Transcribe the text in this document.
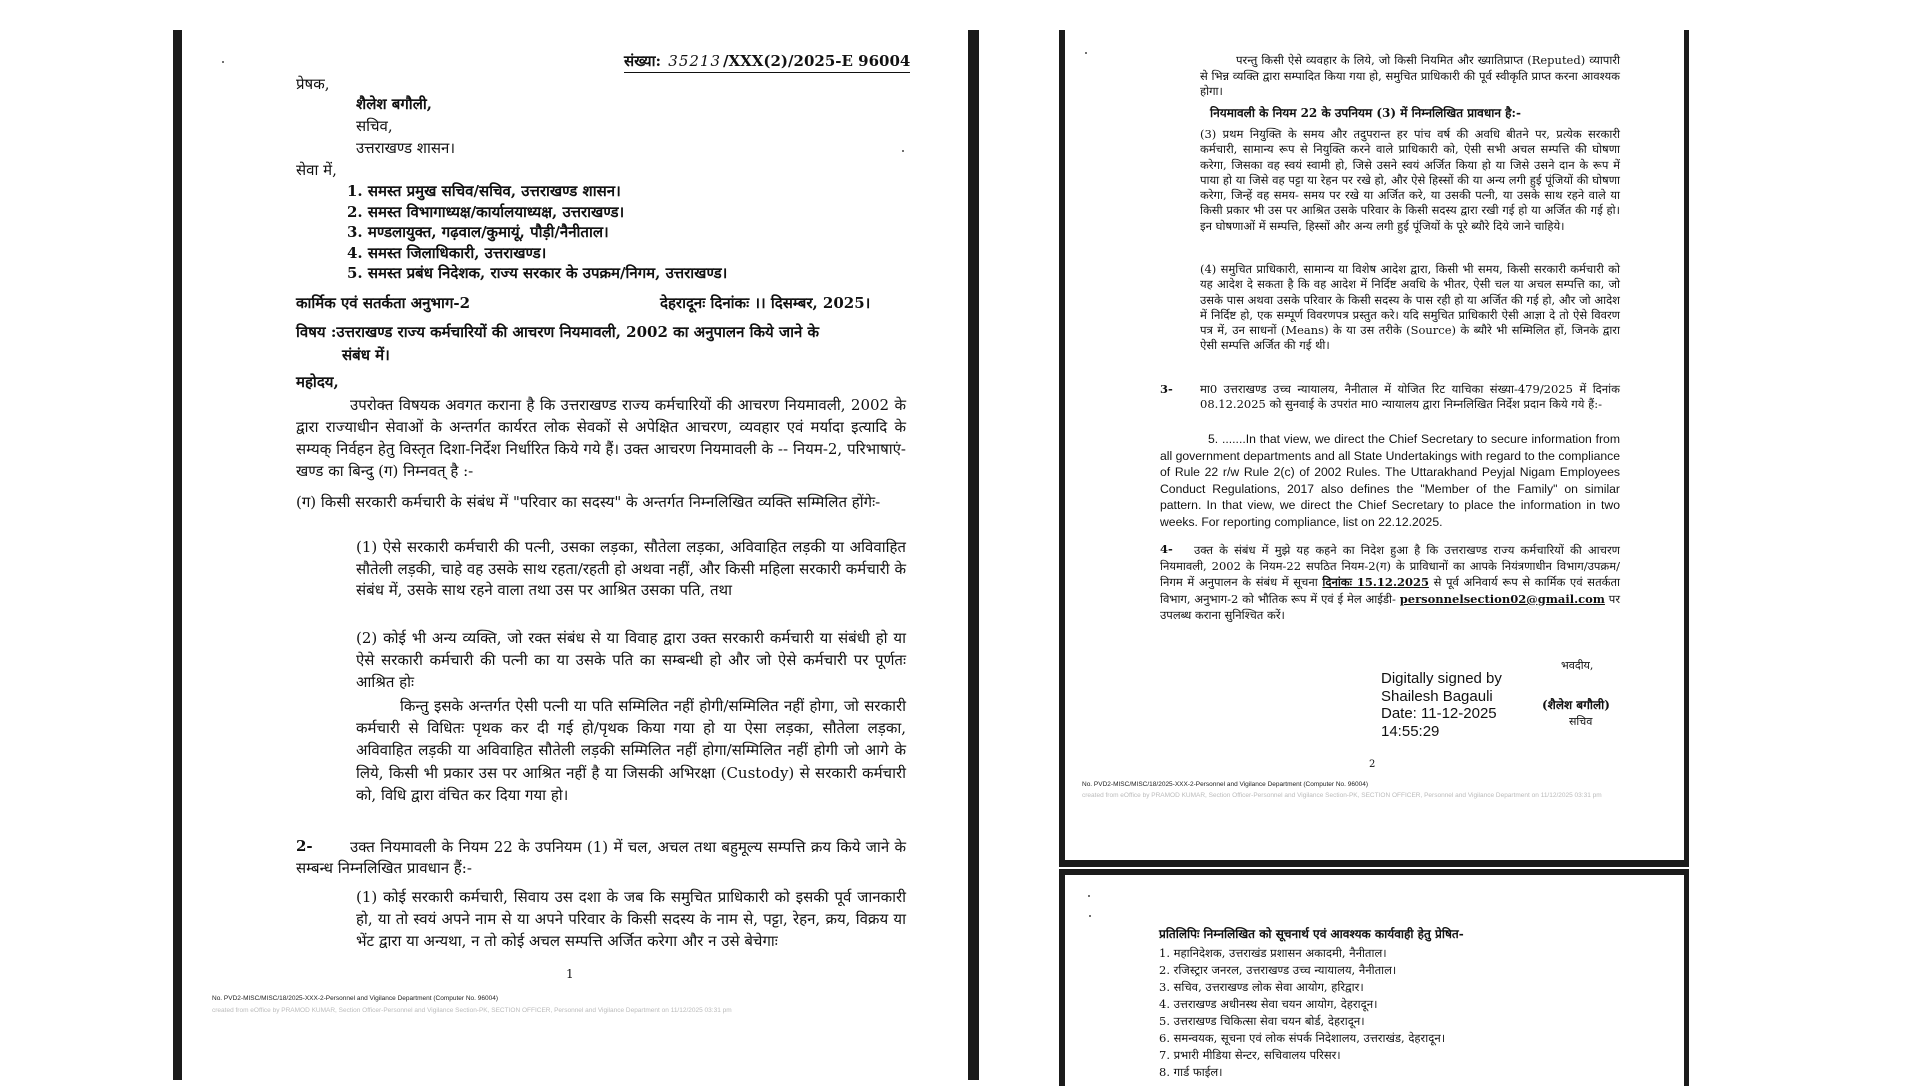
संख्या: 35213 /XXX(2)/2025-E 96004
प्रेषक,
शैलेश बगौली,
सचिव,
उत्तराखण्ड शासन।
सेवा में,
1. समस्त प्रमुख सचिव/सचिव, उत्तराखण्ड शासन।
2. समस्त विभागाध्यक्ष/कार्यालयाध्यक्ष, उत्तराखण्ड।
3. मण्डलायुक्त, गढ़वाल/कुमायूं, पौड़ी/नैनीताल।
4. समस्त जिलाधिकारी, उत्तराखण्ड।
5. समस्त प्रबंध निदेशक, राज्य सरकार के उपक्रम/निगम, उत्तराखण्ड।
कार्मिक एवं सतर्कता अनुभाग-2	देहरादूनः दिनांकः ।। दिसम्बर, 2025।
विषय :उत्तराखण्ड राज्य कर्मचारियों की आचरण नियमावली, 2002 का अनुपालन किये जाने के
संबंध में।
महोदय,
उपरोक्त विषयक अवगत कराना है कि उत्तराखण्ड राज्य कर्मचारियों की आचरण नियमावली, 2002 के द्वारा राज्याधीन सेवाओं के अन्तर्गत कार्यरत लोक सेवकों से अपेक्षित आचरण, व्यवहार एवं मर्यादा इत्यादि के सम्यक् निर्वहन हेतु विस्तृत दिशा-निर्देश निर्धारित किये गये हैं। उक्त आचरण नियमावली के -- नियम-2, परिभाषाएं-खण्ड का बिन्दु (ग) निम्नवत् है :-
(ग) किसी सरकारी कर्मचारी के संबंध में "परिवार का सदस्य" के अन्तर्गत निम्नलिखित व्यक्ति सम्मिलित होंगेः-
(1) ऐसे सरकारी कर्मचारी की पत्नी, उसका लड़का, सौतेला लड़का, अविवाहित लड़की या अविवाहित सौतेली लड़की, चाहे वह उसके साथ रहता/रहती हो अथवा नहीं, और किसी महिला सरकारी कर्मचारी के संबंध में, उसके साथ रहने वाला तथा उस पर आश्रित उसका पति, तथा
(2) कोई भी अन्य व्यक्ति, जो रक्त संबंध से या विवाह द्वारा उक्त सरकारी कर्मचारी या संबंधी हो या ऐसे सरकारी कर्मचारी की पत्नी का या उसके पति का सम्बन्धी हो और जो ऐसे कर्मचारी पर पूर्णतः आश्रित होः
किन्तु इसके अन्तर्गत ऐसी पत्नी या पति सम्मिलित नहीं होगी/सम्मिलित नहीं होगा, जो सरकारी कर्मचारी से विधितः पृथक कर दी गई हो/पृथक किया गया हो या ऐसा लड़का, सौतेला लड़का, अविवाहित लड़की या अविवाहित सौतेली लड़की सम्मिलित नहीं होगा/सम्मिलित नहीं होगी जो आगे के लिये, किसी भी प्रकार उस पर आश्रित नहीं है या जिसकी अभिरक्षा (Custody) से सरकारी कर्मचारी को, विधि द्वारा वंचित कर दिया गया हो।
2-	उक्त नियमावली के नियम 22 के उपनियम (1) में चल, अचल तथा बहुमूल्य सम्पत्ति क्रय किये जाने के सम्बन्ध निम्नलिखित प्रावधान हैं:-
(1) कोई सरकारी कर्मचारी, सिवाय उस दशा के जब कि समुचित प्राधिकारी को इसकी पूर्व जानकारी हो, या तो स्वयं अपने नाम से या अपने परिवार के किसी सदस्य के नाम से, पट्टा, रेहन, क्रय, विक्रय या भेंट द्वारा या अन्यथा, न तो कोई अचल सम्पत्ति अर्जित करेगा और न उसे बेचेगाः
1
No. PVD2-MISC/MISC/18/2025-XXX-2-Personnel and Vigilance Department (Computer No. 96004)
created from eOffice by PRAMOD KUMAR, Section Officer-Personnel and Vigilance Section-PK, SECTION OFFICER, Personnel and Vigilance Department on 11/12/2025 03:31 pm
परन्तु किसी ऐसे व्यवहार के लिये, जो किसी नियमित और ख्यातिप्राप्त (Reputed) व्यापारी से भिन्न व्यक्ति द्वारा सम्पादित किया गया हो, समुचित प्राधिकारी की पूर्व स्वीकृति प्राप्त करना आवश्यक होगा।
नियमावली के नियम 22 के उपनियम (3) में निम्नलिखित प्रावधान है:-
(3) प्रथम नियुक्ति के समय और तदुपरान्त हर पांच वर्ष की अवधि बीतने पर, प्रत्येक सरकारी कर्मचारी, सामान्य रूप से नियुक्ति करने वाले प्राधिकारी को, ऐसी सभी अचल सम्पत्ति की घोषणा करेगा, जिसका वह स्वयं स्वामी हो, जिसे उसने स्वयं अर्जित किया हो या जिसे उसने दान के रूप में पाया हो या जिसे वह पट्टा या रेहन पर रखे हो, और ऐसे हिस्सों की या अन्य लगी हुई पूंजियों की घोषणा करेगा, जिन्हें वह समय- समय पर रखे या अर्जित करे, या उसकी पत्नी, या उसके साथ रहने वाले या किसी प्रकार भी उस पर आश्रित उसके परिवार के किसी सदस्य द्वारा रखी गई हो या अर्जित की गई हो। इन घोषणाओं में सम्पत्ति, हिस्सों और अन्य लगी हुई पूंजियों के पूरे ब्यौरे दिये जाने चाहिये।
(4) समुचित प्राधिकारी, सामान्य या विशेष आदेश द्वारा, किसी भी समय, किसी सरकारी कर्मचारी को यह आदेश दे सकता है कि वह आदेश में निर्दिष्ट अवधि के भीतर, ऐसी चल या अचल सम्पत्ति का, जो उसके पास अथवा उसके परिवार के किसी सदस्य के पास रही हो या अर्जित की गई हो, और जो आदेश में निर्दिष्ट हो, एक सम्पूर्ण विवरणपत्र प्रस्तुत करे। यदि समुचित प्राधिकारी ऐसी आज्ञा दे तो ऐसे विवरण पत्र में, उन साधनों (Means) के या उस तरीके (Source) के ब्यौरे भी सम्मिलित हों, जिनके द्वारा ऐसी सम्पत्ति अर्जित की गई थी।
3- मा0 उत्तराखण्ड उच्च न्यायालय, नैनीताल में योजित रिट याचिका संख्या-479/2025 में दिनांक 08.12.2025 को सुनवाई के उपरांत मा0 न्यायालय द्वारा निम्नलिखित निर्देश प्रदान किये गये हैं:-
5. .......In that view, we direct the Chief Secretary to secure information from all government departments and all State Undertakings with regard to the compliance of Rule 22 r/w Rule 2(c) of 2002 Rules. The Uttarakhand Peyjal Nigam Employees Conduct Regulations, 2017 also defines the "Member of the Family" on similar pattern. In that view, we direct the Chief Secretary to place the information in two weeks. For reporting compliance, list on 22.12.2025.
4-	उक्त के संबंध में मुझे यह कहने का निदेश हुआ है कि उत्तराखण्ड राज्य कर्मचारियों की आचरण नियमावली, 2002 के नियम-22 सपठित नियम-2(ग) के प्राविधानों का आपके नियंत्रणाधीन विभाग/उपक्रम/निगम में अनुपालन के संबंध में सूचना दिनांकः 15.12.2025 से पूर्व अनिवार्य रूप से कार्मिक एवं सतर्कता विभाग, अनुभाग-2 को भौतिक रूप में एवं ई मेल आईडी- personnelsection02@gmail.com पर उपलब्ध कराना सुनिश्चित करें।
भवदीय,
Digitally signed by
Shailesh Bagauli
Date: 11-12-2025
14:55:29
(शैलेश बगौली)
सचिव
2
No. PVD2-MISC/MISC/18/2025-XXX-2-Personnel and Vigilance Department (Computer No. 96004)
created from eOffice by PRAMOD KUMAR, Section Officer-Personnel and Vigilance Section-PK, SECTION OFFICER, Personnel and Vigilance Department on 11/12/2025 03:31 pm
प्रतिलिपिः निम्नलिखित को सूचनार्थ एवं आवश्यक कार्यवाही हेतु प्रेषित-
1. महानिदेशक, उत्तराखंड प्रशासन अकादमी, नैनीताल।
2. रजिस्ट्रार जनरल, उत्तराखण्ड उच्च न्यायालय, नैनीताल।
3. सचिव, उत्तराखण्ड लोक सेवा आयोग, हरिद्वार।
4. उत्तराखण्ड अधीनस्थ सेवा चयन आयोग, देहरादून।
5. उत्तराखण्ड चिकित्सा सेवा चयन बोर्ड, देहरादून।
6. समन्वयक, सूचना एवं लोक संपर्क निदेशालय, उत्तराखंड, देहरादून।
7. प्रभारी मीडिया सेन्टर, सचिवालय परिसर।
8. गार्ड फाईल।
